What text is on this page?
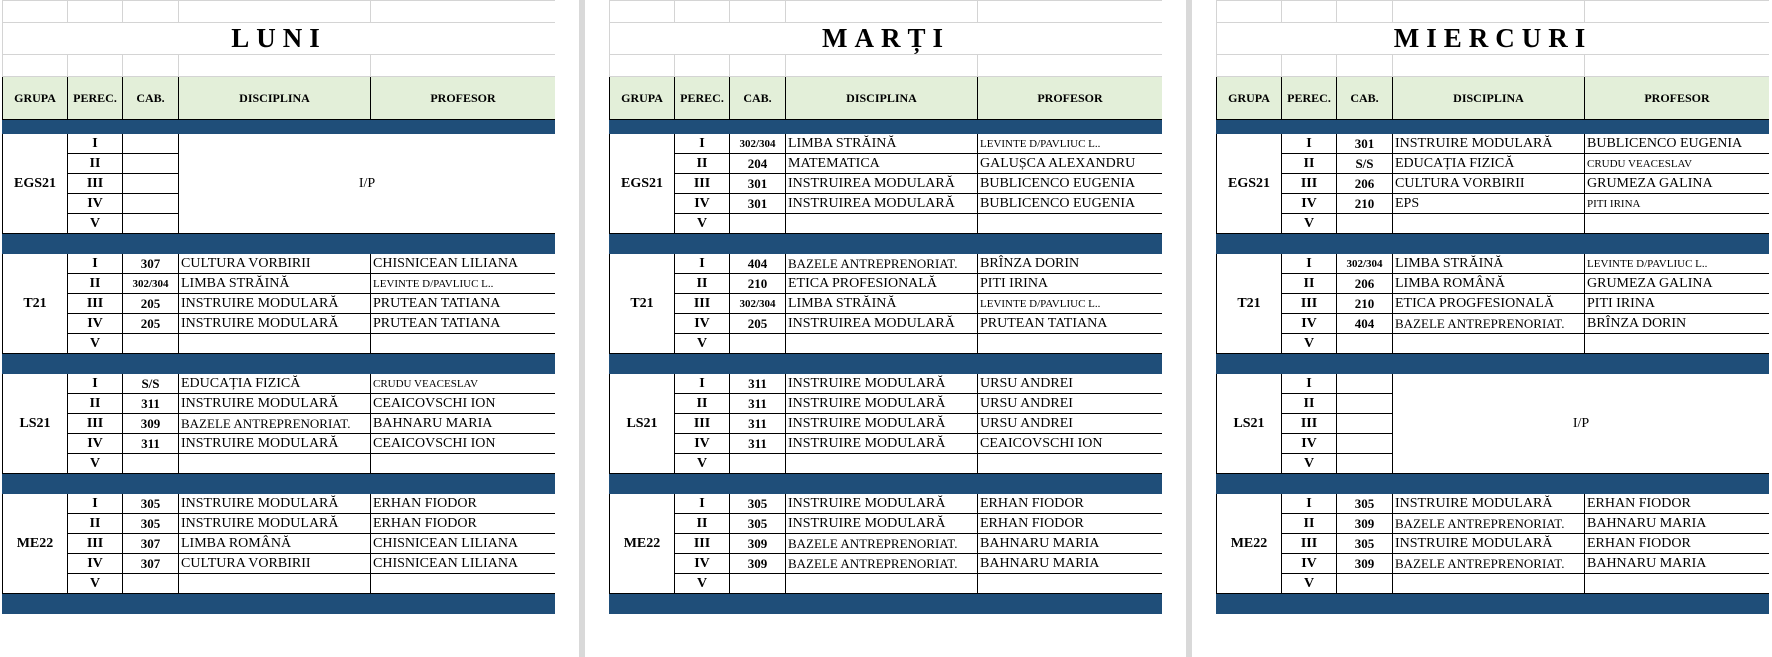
LUNI				

GRUPA	PEREC.	CAB.	DISCIPLINA	PROFESOR

EGS21	I		I/P	
	II			
	III			
	IV			
	V			

T21	I	307	CULTURA VORBIRII	CHISNICEAN LILIANA
	II	302/304	LIMBA STRĂINĂ	LEVINTE D/PAVLIUC L..
	III	205	INSTRUIRE MODULARĂ	PRUTEAN TATIANA
	IV	205	INSTRUIRE MODULARĂ	PRUTEAN TATIANA
	V			

LS21	I	S/S	EDUCAȚIA FIZICĂ	CRUDU VEACESLAV
	II	311	INSTRUIRE MODULARĂ	CEAICOVSCHI ION
	III	309	BAZELE ANTREPRENORIAT.	BAHNARU MARIA
	IV	311	INSTRUIRE MODULARĂ	CEAICOVSCHI ION
	V			

ME22	I	305	INSTRUIRE MODULARĂ	ERHAN FIODOR
	II	305	INSTRUIRE MODULARĂ	ERHAN FIODOR
	III	307	LIMBA ROMÂNĂ	CHISNICEAN LILIANA
	IV	307	CULTURA VORBIRII	CHISNICEAN LILIANA
	V			

MARȚI				

GRUPA	PEREC.	CAB.	DISCIPLINA	PROFESOR

EGS21	I	302/304	LIMBA STRĂINĂ	LEVINTE D/PAVLIUC L..
	II	204	MATEMATICA	GALUȘCA ALEXANDRU
	III	301	INSTRUIREA MODULARĂ	BUBLICENCO EUGENIA
	IV	301	INSTRUIREA MODULARĂ	BUBLICENCO EUGENIA
	V			

T21	I	404	BAZELE ANTREPRENORIAT.	BRÎNZA DORIN
	II	210	ETICA PROFESIONALĂ	PITI IRINA
	III	302/304	LIMBA STRĂINĂ	LEVINTE D/PAVLIUC L..
	IV	205	INSTRUIREA MODULARĂ	PRUTEAN TATIANA
	V			

LS21	I	311	INSTRUIRE MODULARĂ	URSU ANDREI
	II	311	INSTRUIRE MODULARĂ	URSU ANDREI
	III	311	INSTRUIRE MODULARĂ	URSU ANDREI
	IV	311	INSTRUIRE MODULARĂ	CEAICOVSCHI ION
	V			

ME22	I	305	INSTRUIRE MODULARĂ	ERHAN FIODOR
	II	305	INSTRUIRE MODULARĂ	ERHAN FIODOR
	III	309	BAZELE ANTREPRENORIAT.	BAHNARU MARIA
	IV	309	BAZELE ANTREPRENORIAT.	BAHNARU MARIA
	V			

MIERCURI				

GRUPA	PEREC.	CAB.	DISCIPLINA	PROFESOR

EGS21	I	301	INSTRUIRE MODULARĂ	BUBLICENCO EUGENIA
	II	S/S	EDUCAȚIA FIZICĂ	CRUDU VEACESLAV
	III	206	CULTURA VORBIRII	GRUMEZA GALINA
	IV	210	EPS	PITI IRINA
	V			

T21	I	302/304	LIMBA STRĂINĂ	LEVINTE D/PAVLIUC L..
	II	206	LIMBA ROMÂNĂ	GRUMEZA GALINA
	III	210	ETICA PROGFESIONALĂ	PITI IRINA
	IV	404	BAZELE ANTREPRENORIAT.	BRÎNZA DORIN
	V			

LS21	I		I/P	
	II			
	III			
	IV			
	V			

ME22	I	305	INSTRUIRE MODULARĂ	ERHAN FIODOR
	II	309	BAZELE ANTREPRENORIAT.	BAHNARU MARIA
	III	305	INSTRUIRE MODULARĂ	ERHAN FIODOR
	IV	309	BAZELE ANTREPRENORIAT.	BAHNARU MARIA
	V			
